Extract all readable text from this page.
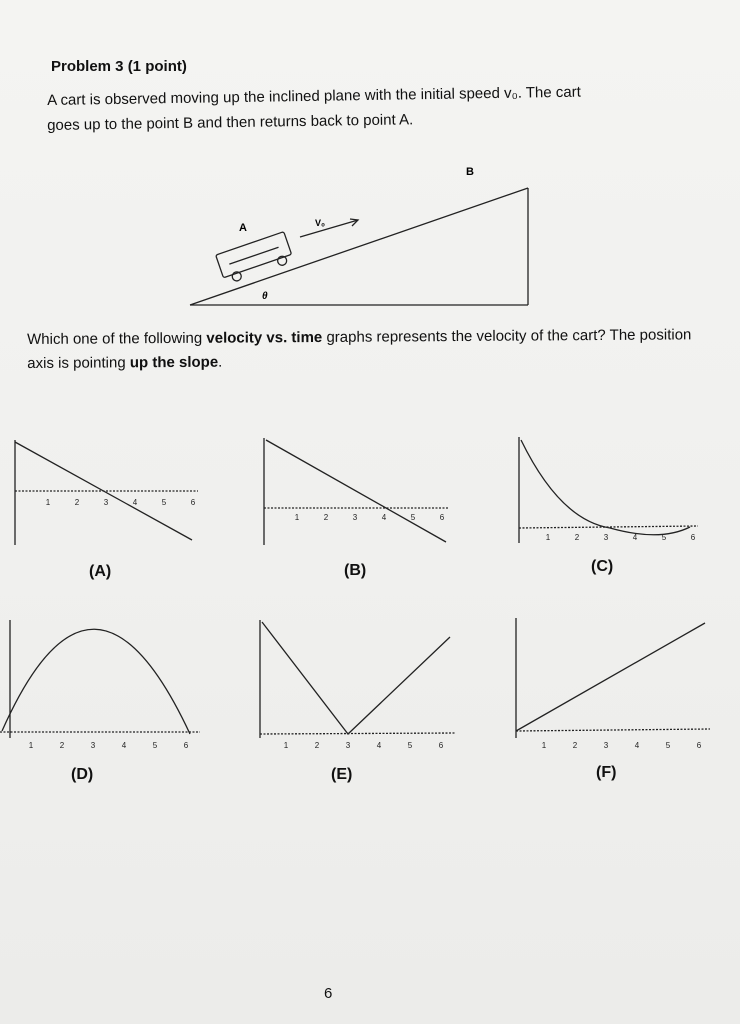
Problem 3 (1 point)
A cart is observed moving up the inclined plane with the initial speed v₀. The cart
goes up to the point B and then returns back to point A.
A
B
V₀
θ
Which one of the following velocity vs. time graphs represents the velocity of the cart? The position axis is pointing up the slope.
1	2	3	4	5	6
1	2	3	4	5	6
1	2	3	4	5	6
1	2	3	4	5	6	1	2	3	4	5	6	1	2	3	4	5	6
(A)	(B)	(C)
(D)	(E)	(F)
6
